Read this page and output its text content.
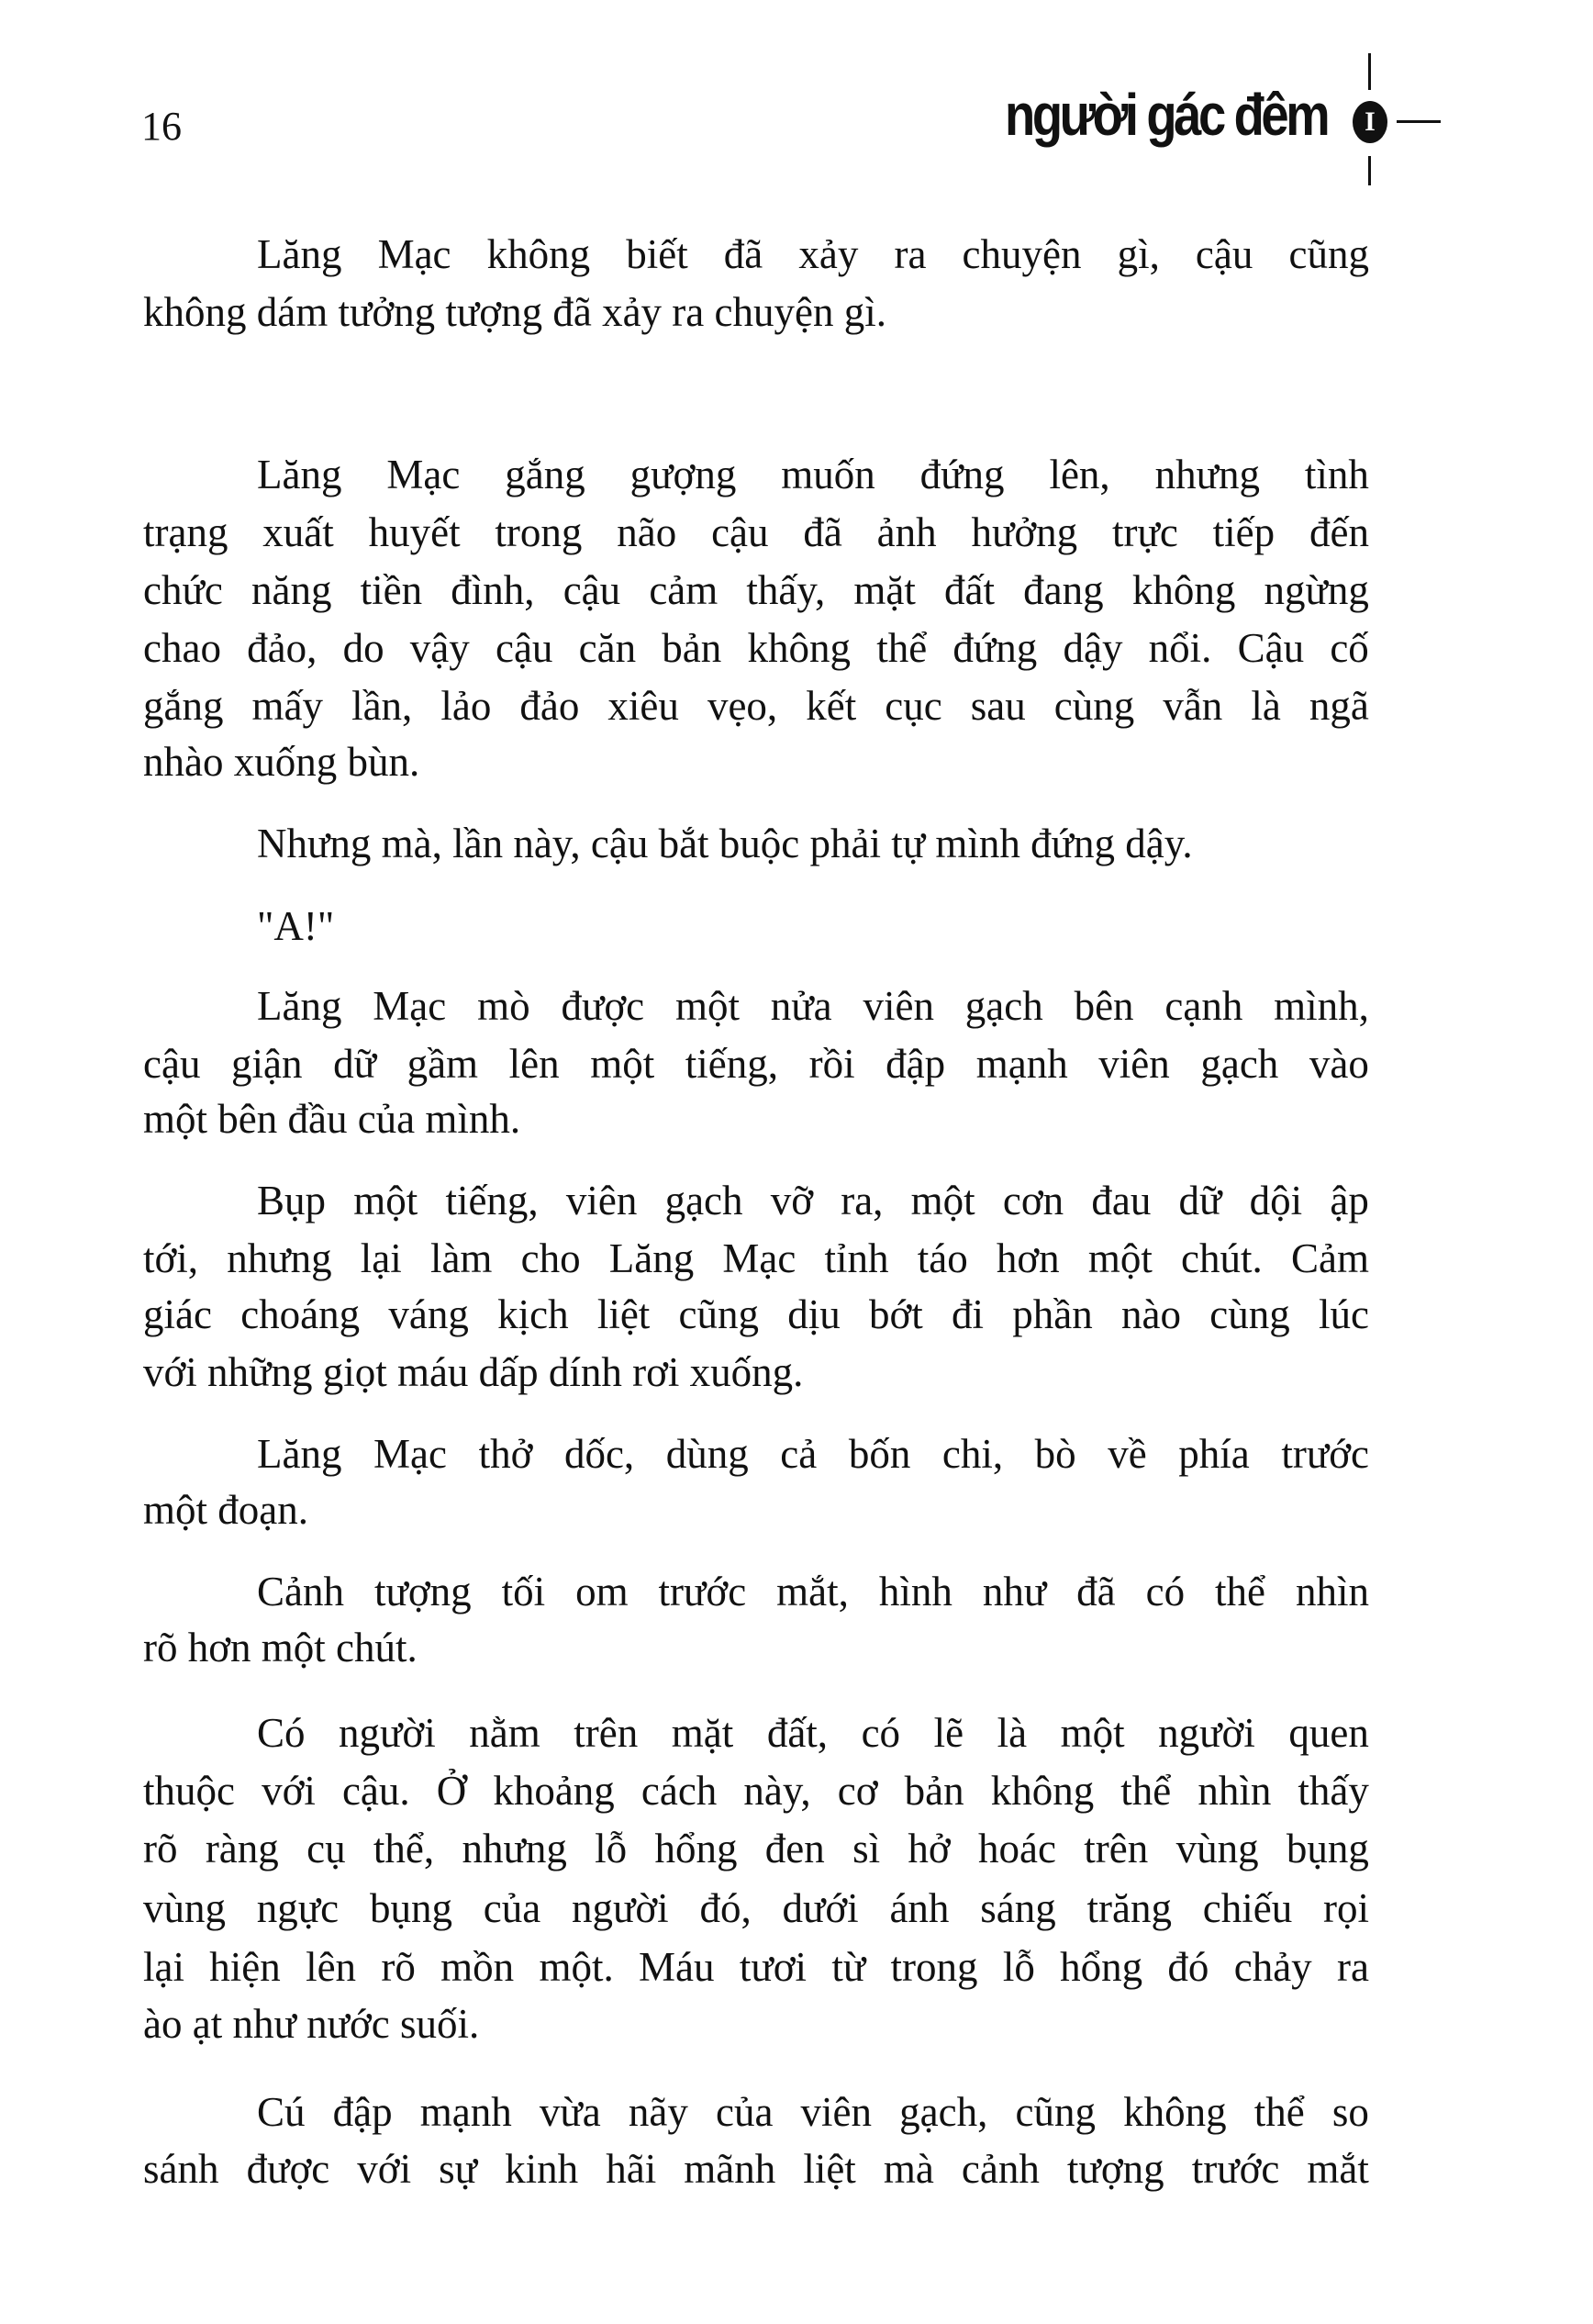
16	người gác đêm	I
Lăng Mạc không biết đã xảy ra chuyện gì, cậu cũng
không dám tưởng tượng đã xảy ra chuyện gì.
Lăng Mạc gắng gượng muốn đứng lên, nhưng tình
trạng xuất huyết trong não cậu đã ảnh hưởng trực tiếp đến
chức năng tiền đình, cậu cảm thấy, mặt đất đang không ngừng
chao đảo, do vậy cậu căn bản không thể đứng dậy nổi. Cậu cố
gắng mấy lần, lảo đảo xiêu vẹo, kết cục sau cùng vẫn là ngã
nhào xuống bùn.
Nhưng mà, lần này, cậu bắt buộc phải tự mình đứng dậy.
"A!"
Lăng Mạc mò được một nửa viên gạch bên cạnh mình,
cậu giận dữ gầm lên một tiếng, rồi đập mạnh viên gạch vào
một bên đầu của mình.
Bụp một tiếng, viên gạch vỡ ra, một cơn đau dữ dội ập
tới, nhưng lại làm cho Lăng Mạc tỉnh táo hơn một chút. Cảm
giác choáng váng kịch liệt cũng dịu bớt đi phần nào cùng lúc
với những giọt máu dấp dính rơi xuống.
Lăng Mạc thở dốc, dùng cả bốn chi, bò về phía trước
một đoạn.
Cảnh tượng tối om trước mắt, hình như đã có thể nhìn
rõ hơn một chút.
Có người nằm trên mặt đất, có lẽ là một người quen
thuộc với cậu. Ở khoảng cách này, cơ bản không thể nhìn thấy
rõ ràng cụ thể, nhưng lỗ hổng đen sì hở hoác trên vùng bụng
vùng ngực bụng của người đó, dưới ánh sáng trăng chiếu rọi
lại hiện lên rõ mồn một. Máu tươi từ trong lỗ hổng đó chảy ra
ào ạt như nước suối.
Cú đập mạnh vừa nãy của viên gạch, cũng không thể so
sánh được với sự kinh hãi mãnh liệt mà cảnh tượng trước mắt
